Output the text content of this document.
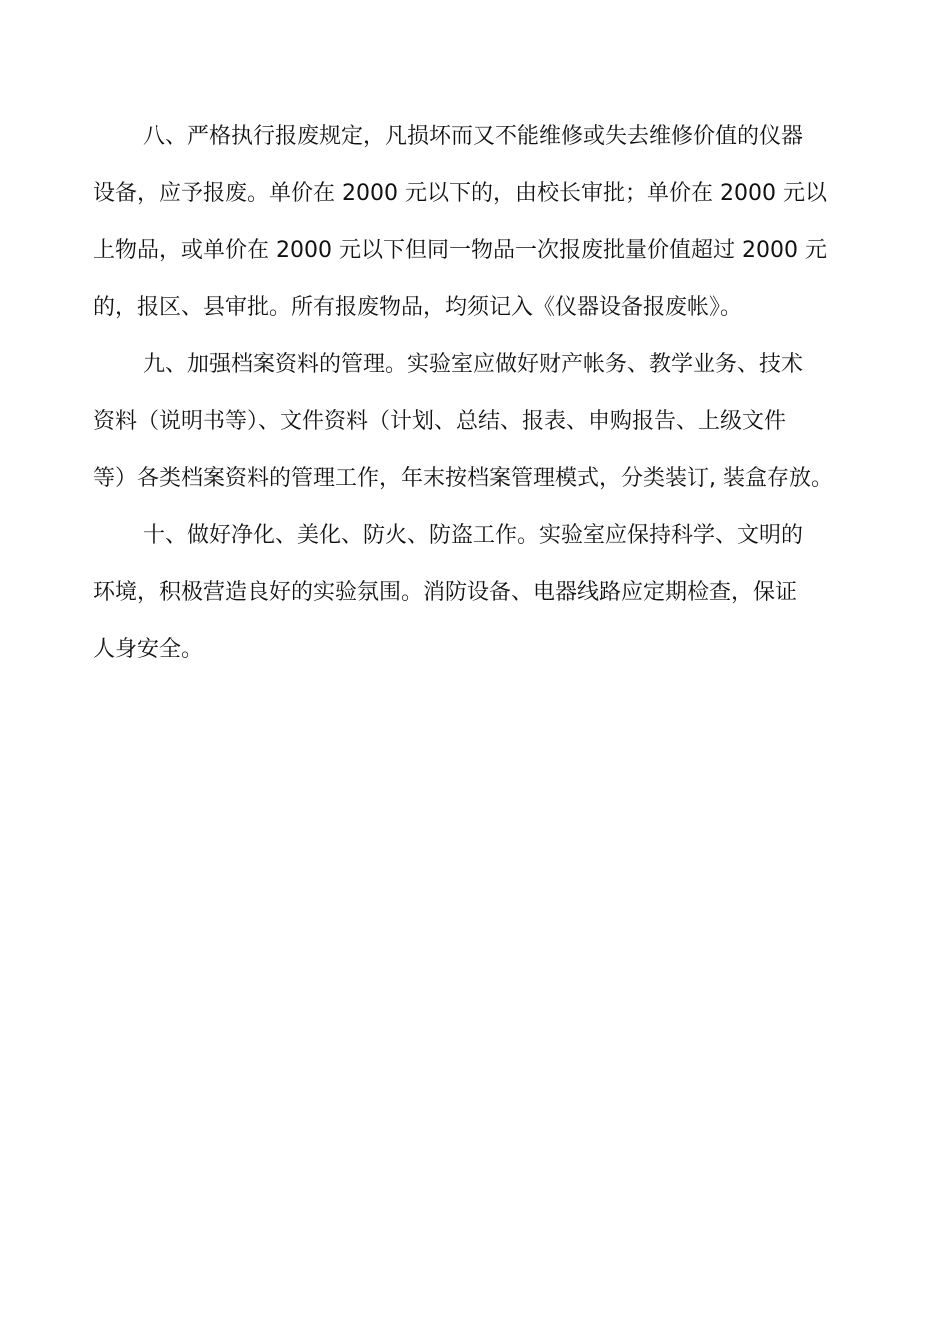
八、严格执行报废规定，凡损坏而又不能维修或失去维修价值的仪器
设备，应予报废。单价在 2000 元以下的，由校长审批；单价在 2000 元以
上物品，或单价在 2000 元以下但同一物品一次报废批量价值超过 2000 元
的，报区、县审批。所有报废物品，均须记入《仪器设备报废帐》。
九、加强档案资料的管理。实验室应做好财产帐务、教学业务、技术
资料（说明书等）、文件资料（计划、总结、报表、申购报告、上级文件
等）各类档案资料的管理工作，年末按档案管理模式，分类装订, 装盒存放。
十、做好净化、美化、防火、防盗工作。实验室应保持科学、文明的
环境，积极营造良好的实验氛围。消防设备、电器线路应定期检查，保证
人身安全。
